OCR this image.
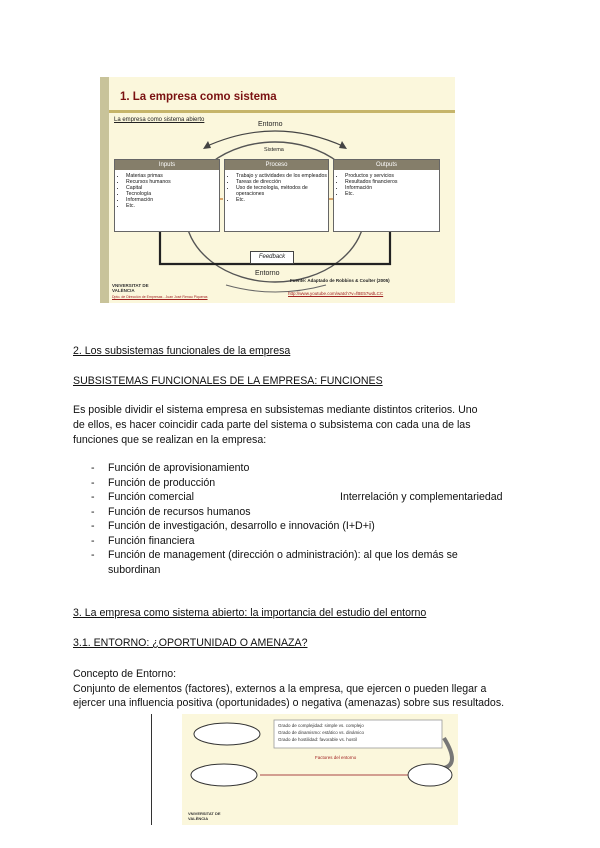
1. La empresa como sistema
La empresa como sistema abierto
Entorno
Sistema
Inputs
• Materias primas
• Recursos humanos
• Capital
• Tecnología
• Información
• Etc.
Proceso
• Trabajo y actividades de los empleados
• Tareas de dirección
• Uso de tecnología, métodos de operaciones
• Etc.
Outputs
• Productos y servicios
• Resultados financieros
• Información
• Etc.
Feedback
Entorno
Fuente: Adaptado de Robbins & Coulter (2005)
http://www.youtube.com/watch?v=fBE57wdLCC
VNIVERSITAT DE VALÈNCIA
Dpto. de Dirección de Empresas - Juan José Renau Piqueras
2. Los subsistemas funcionales de la empresa
SUBSISTEMAS FUNCIONALES DE LA EMPRESA: FUNCIONES
Es posible dividir el sistema empresa en subsistemas mediante distintos criterios. Uno
de ellos, es hacer coincidir cada parte del sistema o subsistema con cada una de las
funciones que se realizan en la empresa:
- Función de aprovisionamiento
- Función de producción
- Función comercial
- Función de recursos humanos
- Función de investigación, desarrollo e innovación (I+D+i)
- Función financiera
- Función de management (dirección o administración): al que los demás se
subordinan
Interrelación y complementariedad
3. La empresa como sistema abierto: la importancia del estudio del entorno
3.1. ENTORNO: ¿OPORTUNIDAD O AMENAZA?
Concepto de Entorno:
Conjunto de elementos (factores), externos a la empresa, que ejercen o pueden llegar a
ejercer una influencia positiva (oportunidades) o negativa (amenazas) sobre sus resultados.
Grado de complejidad: simple vs. complejo
Grado de dinamismo: estático vs. dinámico
Grado de hostilidad: favorable vs. hostil
Factores del entorno
VNIVERSITAT DE VALÈNCIA
